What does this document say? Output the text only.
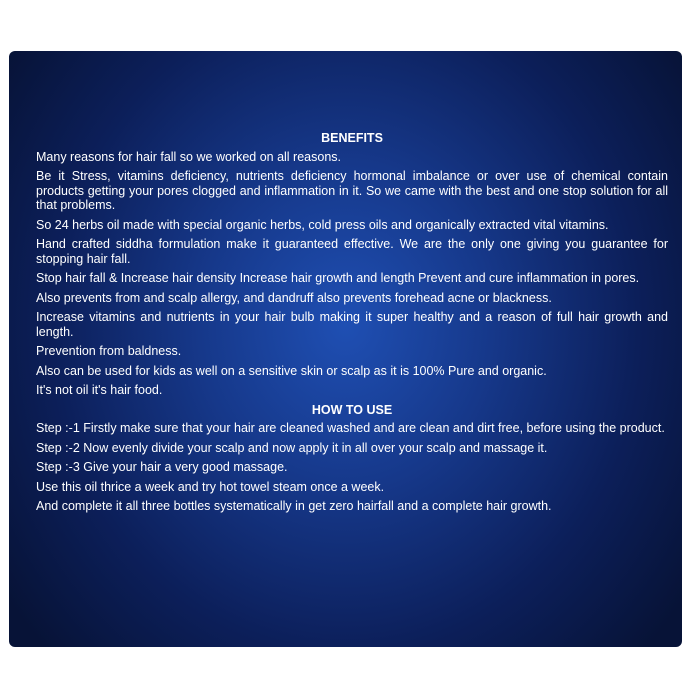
BENEFITS

Many reasons for hair fall so we worked on all reasons.

Be it Stress, vitamins deficiency, nutrients deficiency hormonal imbalance or over use of chemical contain products getting your pores clogged and inflammation in it. So we came with the best and one stop solution for all that problems.

So 24 herbs oil made with special organic herbs, cold press oils and organically extracted vital vitamins.

Hand crafted siddha formulation make it guaranteed effective. We are the only one giving you guarantee for stopping hair fall.

Stop hair fall & Increase hair density Increase hair growth and length Prevent and cure inflammation in pores.

Also prevents from and scalp allergy, and dandruff also prevents forehead acne or blackness.

Increase vitamins and nutrients in your hair bulb making it super healthy and a reason of full hair growth and length.

Prevention from baldness.

Also can be used for kids as well on a sensitive skin or scalp as it is 100% Pure and organic.

It's not oil it's hair food.

HOW TO USE

Step :-1 Firstly make sure that your hair are cleaned washed and are clean and dirt free, before using the product.

Step :-2 Now evenly divide your scalp and now apply it in all over your scalp and massage it.

Step :-3 Give your hair a very good massage.

Use this oil thrice a week and try hot towel steam once a week.

And complete it all three bottles systematically in get zero hairfall and a complete hair growth.
